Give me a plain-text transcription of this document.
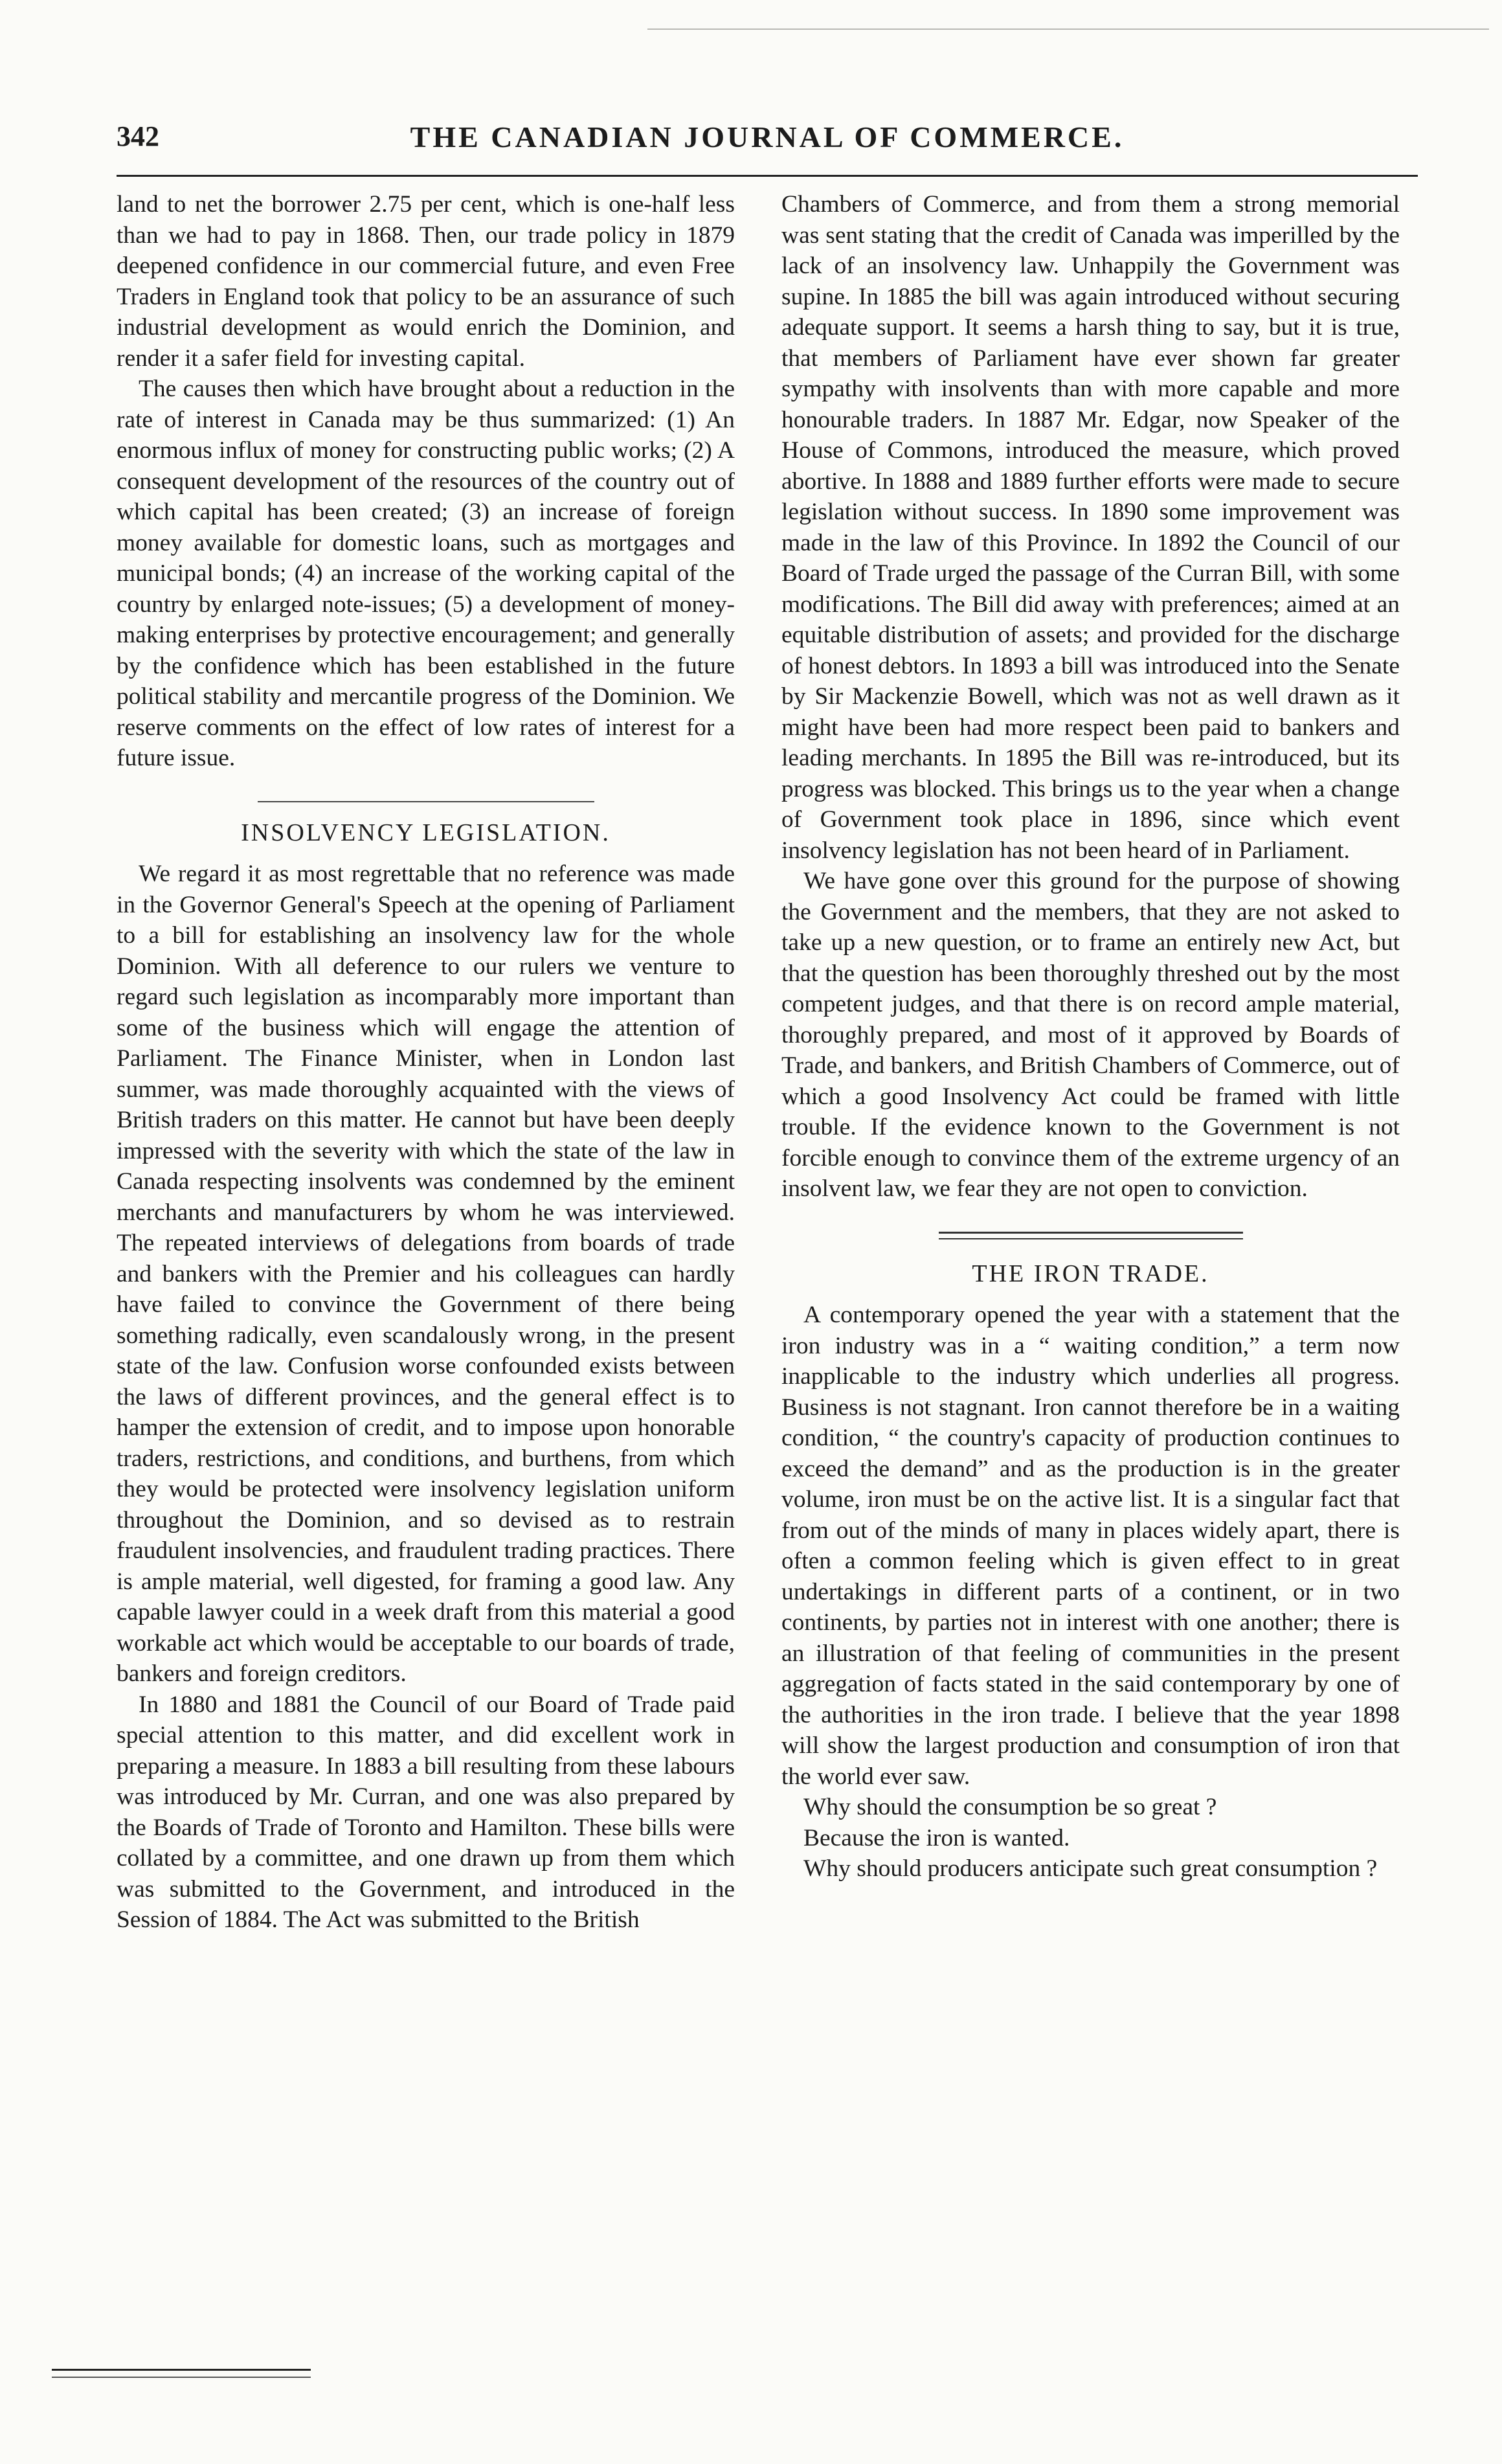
342	THE CANADIAN JOURNAL OF COMMERCE.

land to net the borrower 2.75 per cent, which is one-half less than we had to pay in 1868. Then, our trade policy in 1879 deepened confidence in our commercial future, and even Free Traders in England took that policy to be an assurance of such industrial development as would enrich the Dominion, and render it a safer field for investing capital.

The causes then which have brought about a reduction in the rate of interest in Canada may be thus summarized: (1) An enormous influx of money for constructing public works; (2) A consequent development of the resources of the country out of which capital has been created; (3) an increase of foreign money available for domestic loans, such as mortgages and municipal bonds; (4) an increase of the working capital of the country by enlarged note-issues; (5) a development of money-making enterprises by protective encouragement; and generally by the confidence which has been established in the future political stability and mercantile progress of the Dominion. We reserve comments on the effect of low rates of interest for a future issue.

INSOLVENCY LEGISLATION.

We regard it as most regrettable that no reference was made in the Governor General's Speech at the opening of Parliament to a bill for establishing an insolvency law for the whole Dominion. With all deference to our rulers we venture to regard such legislation as incomparably more important than some of the business which will engage the attention of Parliament. The Finance Minister, when in London last summer, was made thoroughly acquainted with the views of British traders on this matter. He cannot but have been deeply impressed with the severity with which the state of the law in Canada respecting insolvents was condemned by the eminent merchants and manufacturers by whom he was interviewed. The repeated interviews of delegations from boards of trade and bankers with the Premier and his colleagues can hardly have failed to convince the Government of there being something radically, even scandalously wrong, in the present state of the law. Confusion worse confounded exists between the laws of different provinces, and the general effect is to hamper the extension of credit, and to impose upon honorable traders, restrictions, and conditions, and burthens, from which they would be protected were insolvency legislation uniform throughout the Dominion, and so devised as to restrain fraudulent insolvencies, and fraudulent trading practices. There is ample material, well digested, for framing a good law. Any capable lawyer could in a week draft from this material a good workable act which would be acceptable to our boards of trade, bankers and foreign creditors.

In 1880 and 1881 the Council of our Board of Trade paid special attention to this matter, and did excellent work in preparing a measure. In 1883 a bill resulting from these labours was introduced by Mr. Curran, and one was also prepared by the Boards of Trade of Toronto and Hamilton. These bills were collated by a committee, and one drawn up from them which was submitted to the Government, and introduced in the Session of 1884. The Act was submitted to the British

Chambers of Commerce, and from them a strong memorial was sent stating that the credit of Canada was imperilled by the lack of an insolvency law. Unhappily the Government was supine. In 1885 the bill was again introduced without securing adequate support. It seems a harsh thing to say, but it is true, that members of Parliament have ever shown far greater sympathy with insolvents than with more capable and more honourable traders. In 1887 Mr. Edgar, now Speaker of the House of Commons, introduced the measure, which proved abortive. In 1888 and 1889 further efforts were made to secure legislation without success. In 1890 some improvement was made in the law of this Province. In 1892 the Council of our Board of Trade urged the passage of the Curran Bill, with some modifications. The Bill did away with preferences; aimed at an equitable distribution of assets; and provided for the discharge of honest debtors. In 1893 a bill was introduced into the Senate by Sir Mackenzie Bowell, which was not as well drawn as it might have been had more respect been paid to bankers and leading merchants. In 1895 the Bill was re-introduced, but its progress was blocked. This brings us to the year when a change of Government took place in 1896, since which event insolvency legislation has not been heard of in Parliament.

We have gone over this ground for the purpose of showing the Government and the members, that they are not asked to take up a new question, or to frame an entirely new Act, but that the question has been thoroughly threshed out by the most competent judges, and that there is on record ample material, thoroughly prepared, and most of it approved by Boards of Trade, and bankers, and British Chambers of Commerce, out of which a good Insolvency Act could be framed with little trouble. If the evidence known to the Government is not forcible enough to convince them of the extreme urgency of an insolvent law, we fear they are not open to conviction.

THE IRON TRADE.

A contemporary opened the year with a statement that the iron industry was in a “ waiting condition,” a term now inapplicable to the industry which underlies all progress. Business is not stagnant. Iron cannot therefore be in a waiting condition, “ the country's capacity of production continues to exceed the demand” and as the production is in the greater volume, iron must be on the active list. It is a singular fact that from out of the minds of many in places widely apart, there is often a common feeling which is given effect to in great undertakings in different parts of a continent, or in two continents, by parties not in interest with one another; there is an illustration of that feeling of communities in the present aggregation of facts stated in the said contemporary by one of the authorities in the iron trade. I believe that the year 1898 will show the largest production and consumption of iron that the world ever saw.

Why should the consumption be so great ?

Because the iron is wanted.

Why should producers anticipate such great consumption ?
